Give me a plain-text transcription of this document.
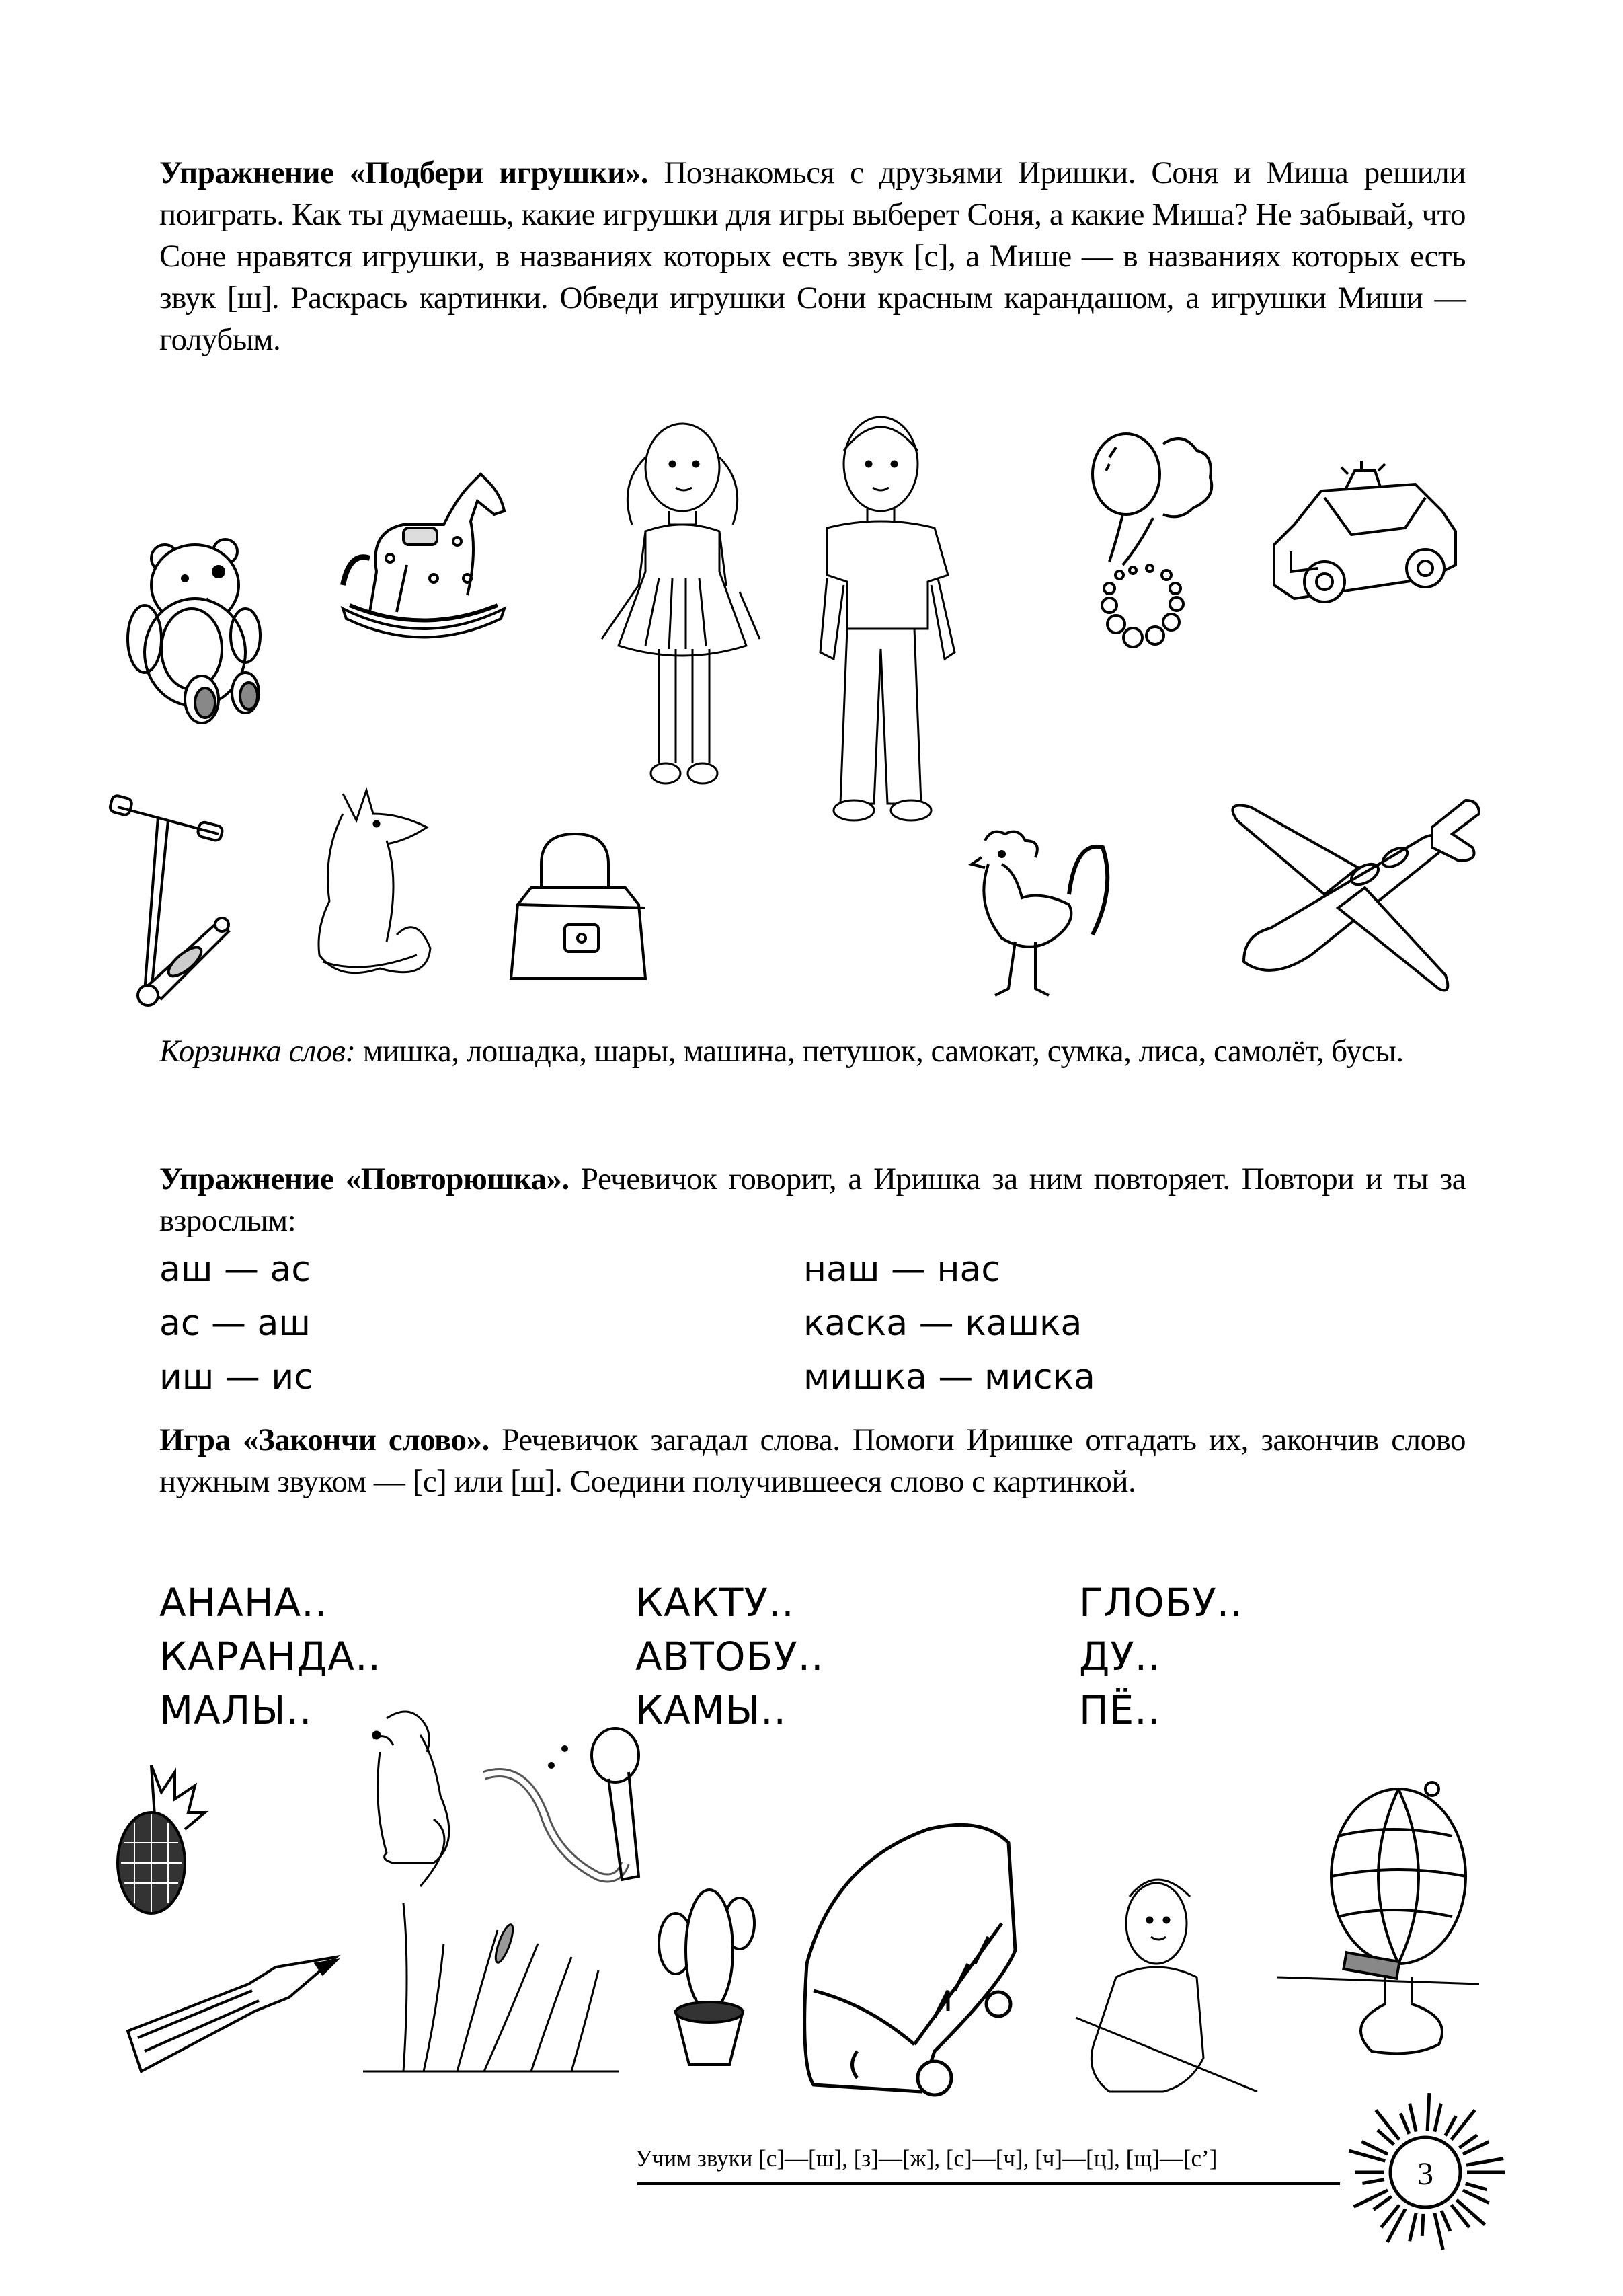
Упражнение «Подбери игрушки». Познакомься с друзьями Иришки. Соня и Миша решили поиграть. Как ты думаешь, какие игрушки для игры выберет Соня, а какие Миша? Не забывай, что Соне нравятся игрушки, в названиях которых есть звук [с], а Мише — в названиях которых есть звук [ш]. Раскрась картинки. Обведи игрушки Сони красным карандашом, а игрушки Миши — голубым.
Корзинка слов: мишка, лошадка, шары, машина, петушок, самокат, сумка, лиса, самолёт, бусы.
Упражнение «Повторюшка». Речевичок говорит, а Иришка за ним повторяет. Повтори и ты за взрослым:
аш — ас
ас — аш
иш — ис
наш — нас
каска — кашка
мишка — миска
Игра «Закончи слово». Речевичок загадал слова. Помоги Иришке отгадать их, закончив слово нужным звуком — [с] или [ш]. Соедини получившееся слово с картинкой.
АНАНА..
КАРАНДА..
МАЛЫ..
КАКТУ..
АВТОБУ..
КАМЫ..
ГЛОБУ..
ДУ..
ПЁ..
Учим звуки [с]—[ш], [з]—[ж], [с]—[ч], [ч]—[ц], [щ]—[с’]	3
